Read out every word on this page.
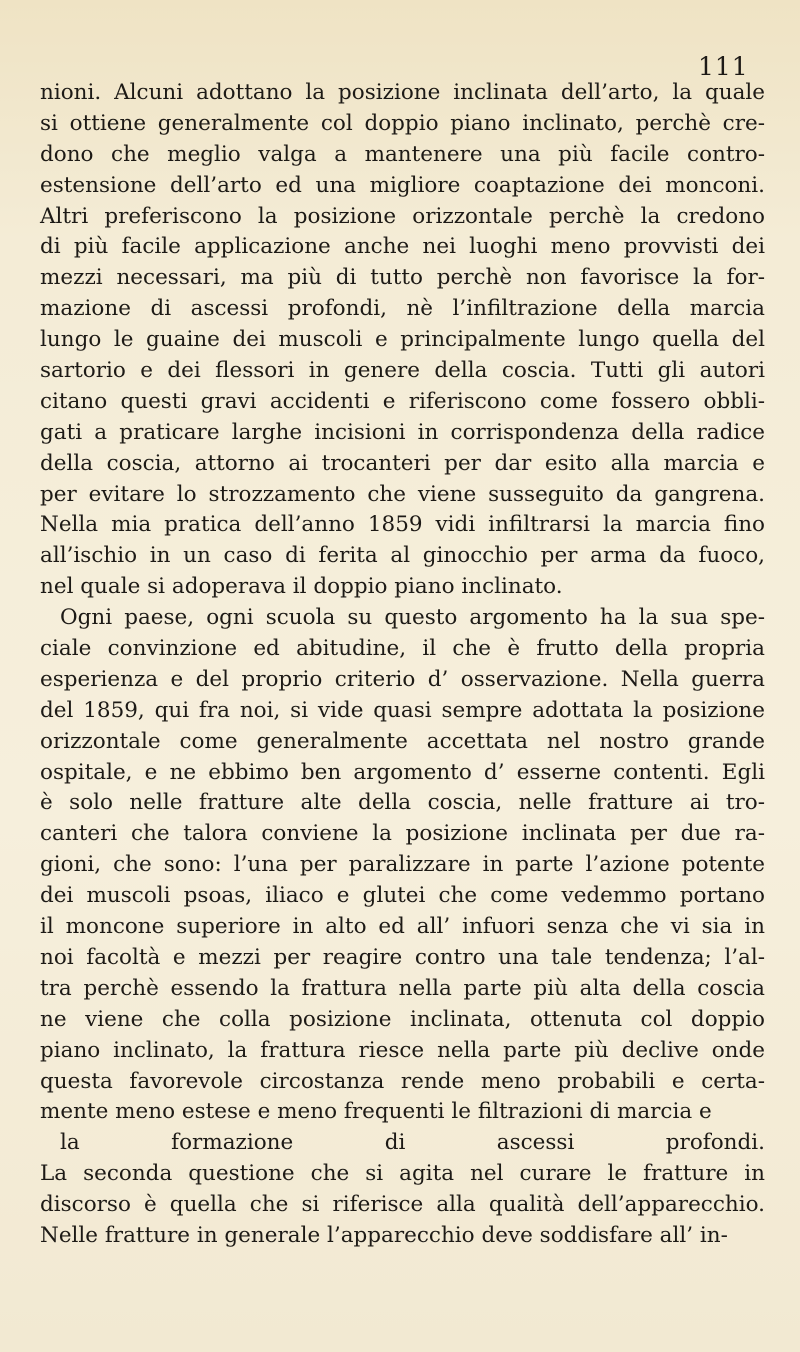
111
nioni. Alcuni adottano la posizione inclinata dell’arto, la quale
si ottiene generalmente col doppio piano inclinato, perchè cre-
dono che meglio valga a mantenere una più facile contro-
estensione dell’arto ed una migliore coaptazione dei monconi.
Altri preferiscono la posizione orizzontale perchè la credono
di più facile applicazione anche nei luoghi meno provvisti dei
mezzi necessari, ma più di tutto perchè non favorisce la for-
mazione di ascessi profondi, nè l’infiltrazione della marcia
lungo le guaine dei muscoli e principalmente lungo quella del
sartorio e dei flessori in genere della coscia. Tutti gli autori
citano questi gravi accidenti e riferiscono come fossero obbli-
gati a praticare larghe incisioni in corrispondenza della radice
della coscia, attorno ai trocanteri per dar esito alla marcia e
per evitare lo strozzamento che viene susseguito da gangrena.
Nella mia pratica dell’anno 1859 vidi infiltrarsi la marcia fino
all’ischio in un caso di ferita al ginocchio per arma da fuoco,
nel quale si adoperava il doppio piano inclinato.
Ogni paese, ogni scuola su questo argomento ha la sua spe-
ciale convinzione ed abitudine, il che è frutto della propria
esperienza e del proprio criterio d’ osservazione. Nella guerra
del 1859, qui fra noi, si vide quasi sempre adottata la posizione
orizzontale come generalmente accettata nel nostro grande
ospitale, e ne ebbimo ben argomento d’ esserne contenti. Egli
è solo nelle fratture alte della coscia, nelle fratture ai tro-
canteri che talora conviene la posizione inclinata per due ra-
gioni, che sono: l’una per paralizzare in parte l’azione potente
dei muscoli psoas, iliaco e glutei che come vedemmo portano
il moncone superiore in alto ed all’ infuori senza che vi sia in
noi facoltà e mezzi per reagire contro una tale tendenza; l’al-
tra perchè essendo la frattura nella parte più alta della coscia
ne viene che colla posizione inclinata, ottenuta col doppio
piano inclinato, la frattura riesce nella parte più declive onde
questa favorevole circostanza rende meno probabili e certa-
mente meno estese e meno frequenti le filtrazioni di marcia e
la formazione di ascessi profondi.
La seconda questione che si agita nel curare le fratture in
discorso è quella che si riferisce alla qualità dell’apparecchio.
Nelle fratture in generale l’apparecchio deve soddisfare all’ in-
